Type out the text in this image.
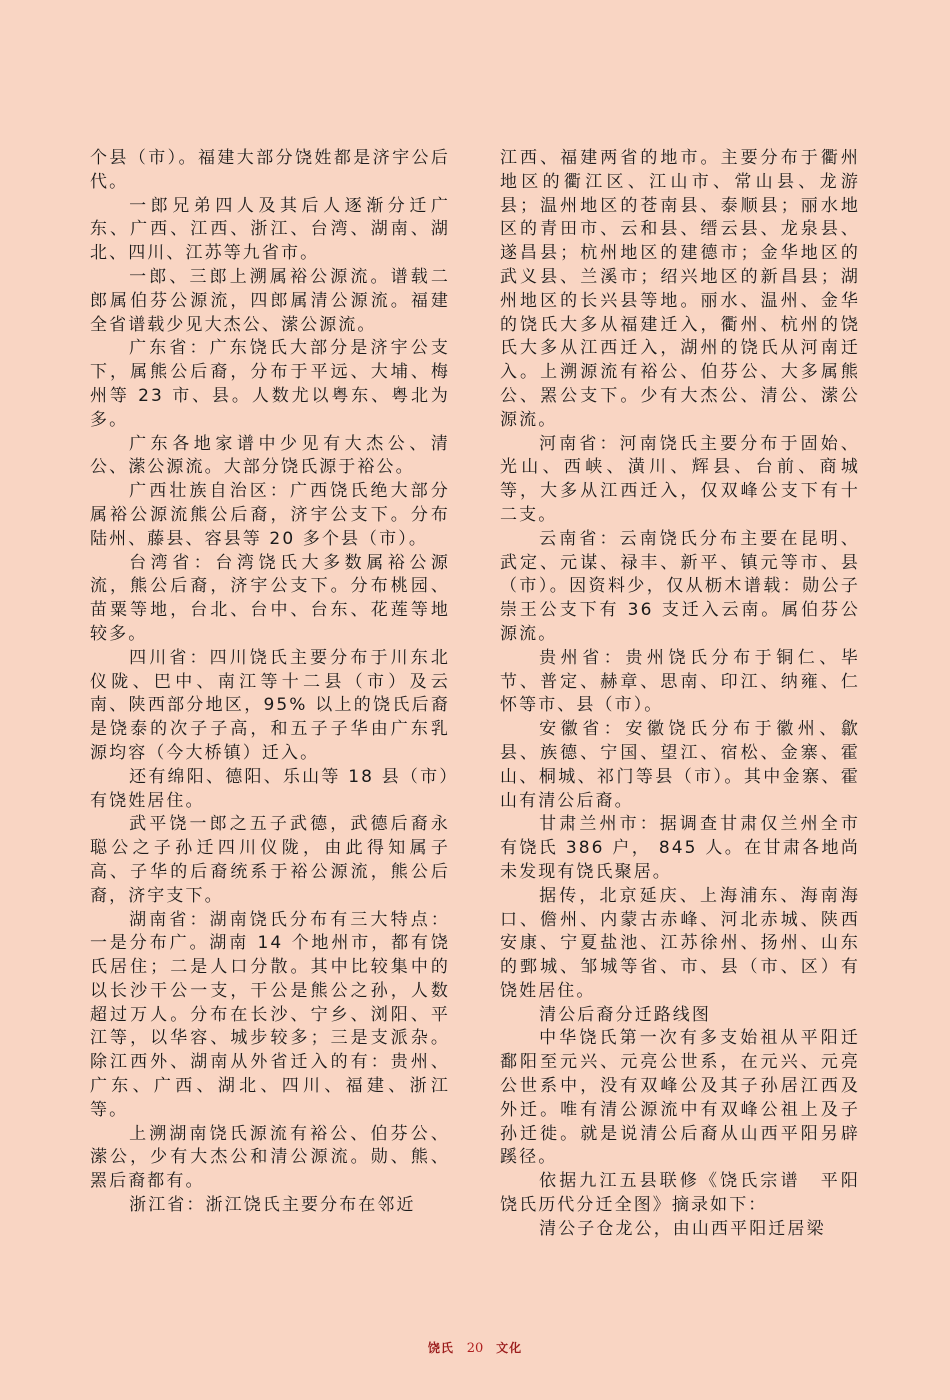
个县（市）。福建大部分饶姓都是济宇公后代。

一郎兄弟四人及其后人逐渐分迁广东、广西、江西、浙江、台湾、湖南、湖北、四川、江苏等九省市。

一郎、三郎上溯属裕公源流。谱载二郎属伯芬公源流，四郎属清公源流。福建全省谱载少见大杰公、潆公源流。

广东省：广东饶氏大部分是济宇公支下，属熊公后裔，分布于平远、大埔、梅州等 23 市、县。人数尤以粤东、粤北为多。

广东各地家谱中少见有大杰公、清公、潆公源流。大部分饶氏源于裕公。

广西壮族自治区：广西饶氏绝大部分属裕公源流熊公后裔，济宇公支下。分布陆州、藤县、容县等 20 多个县（市）。

台湾省：台湾饶氏大多数属裕公源流，熊公后裔，济宇公支下。分布桃园、苗粟等地，台北、台中、台东、花莲等地较多。

四川省：四川饶氏主要分布于川东北仪陇、巴中、南江等十二县（市）及云南、陕西部分地区，95% 以上的饶氏后裔是饶泰的次子子高，和五子子华由广东乳源均容（今大桥镇）迁入。

还有绵阳、德阳、乐山等 18 县（市）有饶姓居住。

武平饶一郎之五子武德，武德后裔永聪公之子孙迁四川仪陇，由此得知属子高、子华的后裔统系于裕公源流，熊公后裔，济宇支下。

湖南省：湖南饶氏分布有三大特点：一是分布广。湖南 14 个地州市，都有饶氏居住；二是人口分散。其中比较集中的以长沙干公一支，干公是熊公之孙，人数超过万人。分布在长沙、宁乡、浏阳、平江等，以华容、城步较多；三是支派杂。除江西外、湖南从外省迁入的有：贵州、广东、广西、湖北、四川、福建、浙江等。

上溯湖南饶氏源流有裕公、伯芬公、潆公，少有大杰公和清公源流。勋、熊、罴后裔都有。

浙江省：浙江饶氏主要分布在邻近

江西、福建两省的地市。主要分布于衢州地区的衢江区、江山市、常山县、龙游县；温州地区的苍南县、泰顺县；丽水地区的青田市、云和县、缙云县、龙泉县、遂昌县；杭州地区的建德市；金华地区的武义县、兰溪市；绍兴地区的新昌县；湖州地区的长兴县等地。丽水、温州、金华的饶氏大多从福建迁入，衢州、杭州的饶氏大多从江西迁入，湖州的饶氏从河南迁入。上溯源流有裕公、伯芬公、大多属熊公、罴公支下。少有大杰公、清公、潆公源流。

河南省：河南饶氏主要分布于固始、光山、西峡、潢川、辉县、台前、商城等，大多从江西迁入，仅双峰公支下有十二支。

云南省：云南饶氏分布主要在昆明、武定、元谋、禄丰、新平、镇元等市、县（市）。因资料少，仅从枥木谱载：勋公子崇王公支下有 36 支迁入云南。属伯芬公源流。

贵州省：贵州饶氏分布于铜仁、毕节、普定、赫章、思南、印江、纳雍、仁怀等市、县（市）。

安徽省：安徽饶氏分布于徽州、歙县、族德、宁国、望江、宿松、金寨、霍山、桐城、祁门等县（市）。其中金寨、霍山有清公后裔。

甘肃兰州市：据调查甘肃仅兰州全市有饶氏 386 户， 845 人。在甘肃各地尚未发现有饶氏聚居。

据传，北京延庆、上海浦东、海南海口、儋州、内蒙古赤峰、河北赤城、陕西安康、宁夏盐池、江苏徐州、扬州、山东的鄄城、邹城等省、市、县（市、区）有饶姓居住。

清公后裔分迁路线图

中华饶氏第一次有多支始祖从平阳迁鄱阳至元兴、元亮公世系，在元兴、元亮公世系中，没有双峰公及其子孙居江西及外迁。唯有清公源流中有双峰公祖上及子孙迁徙。就是说清公后裔从山西平阳另辟蹊径。

依据九江五县联修《饶氏宗谱　平阳饶氏历代分迁全图》摘录如下：

清公子仓龙公，由山西平阳迁居梁

饶氏 20 文化
